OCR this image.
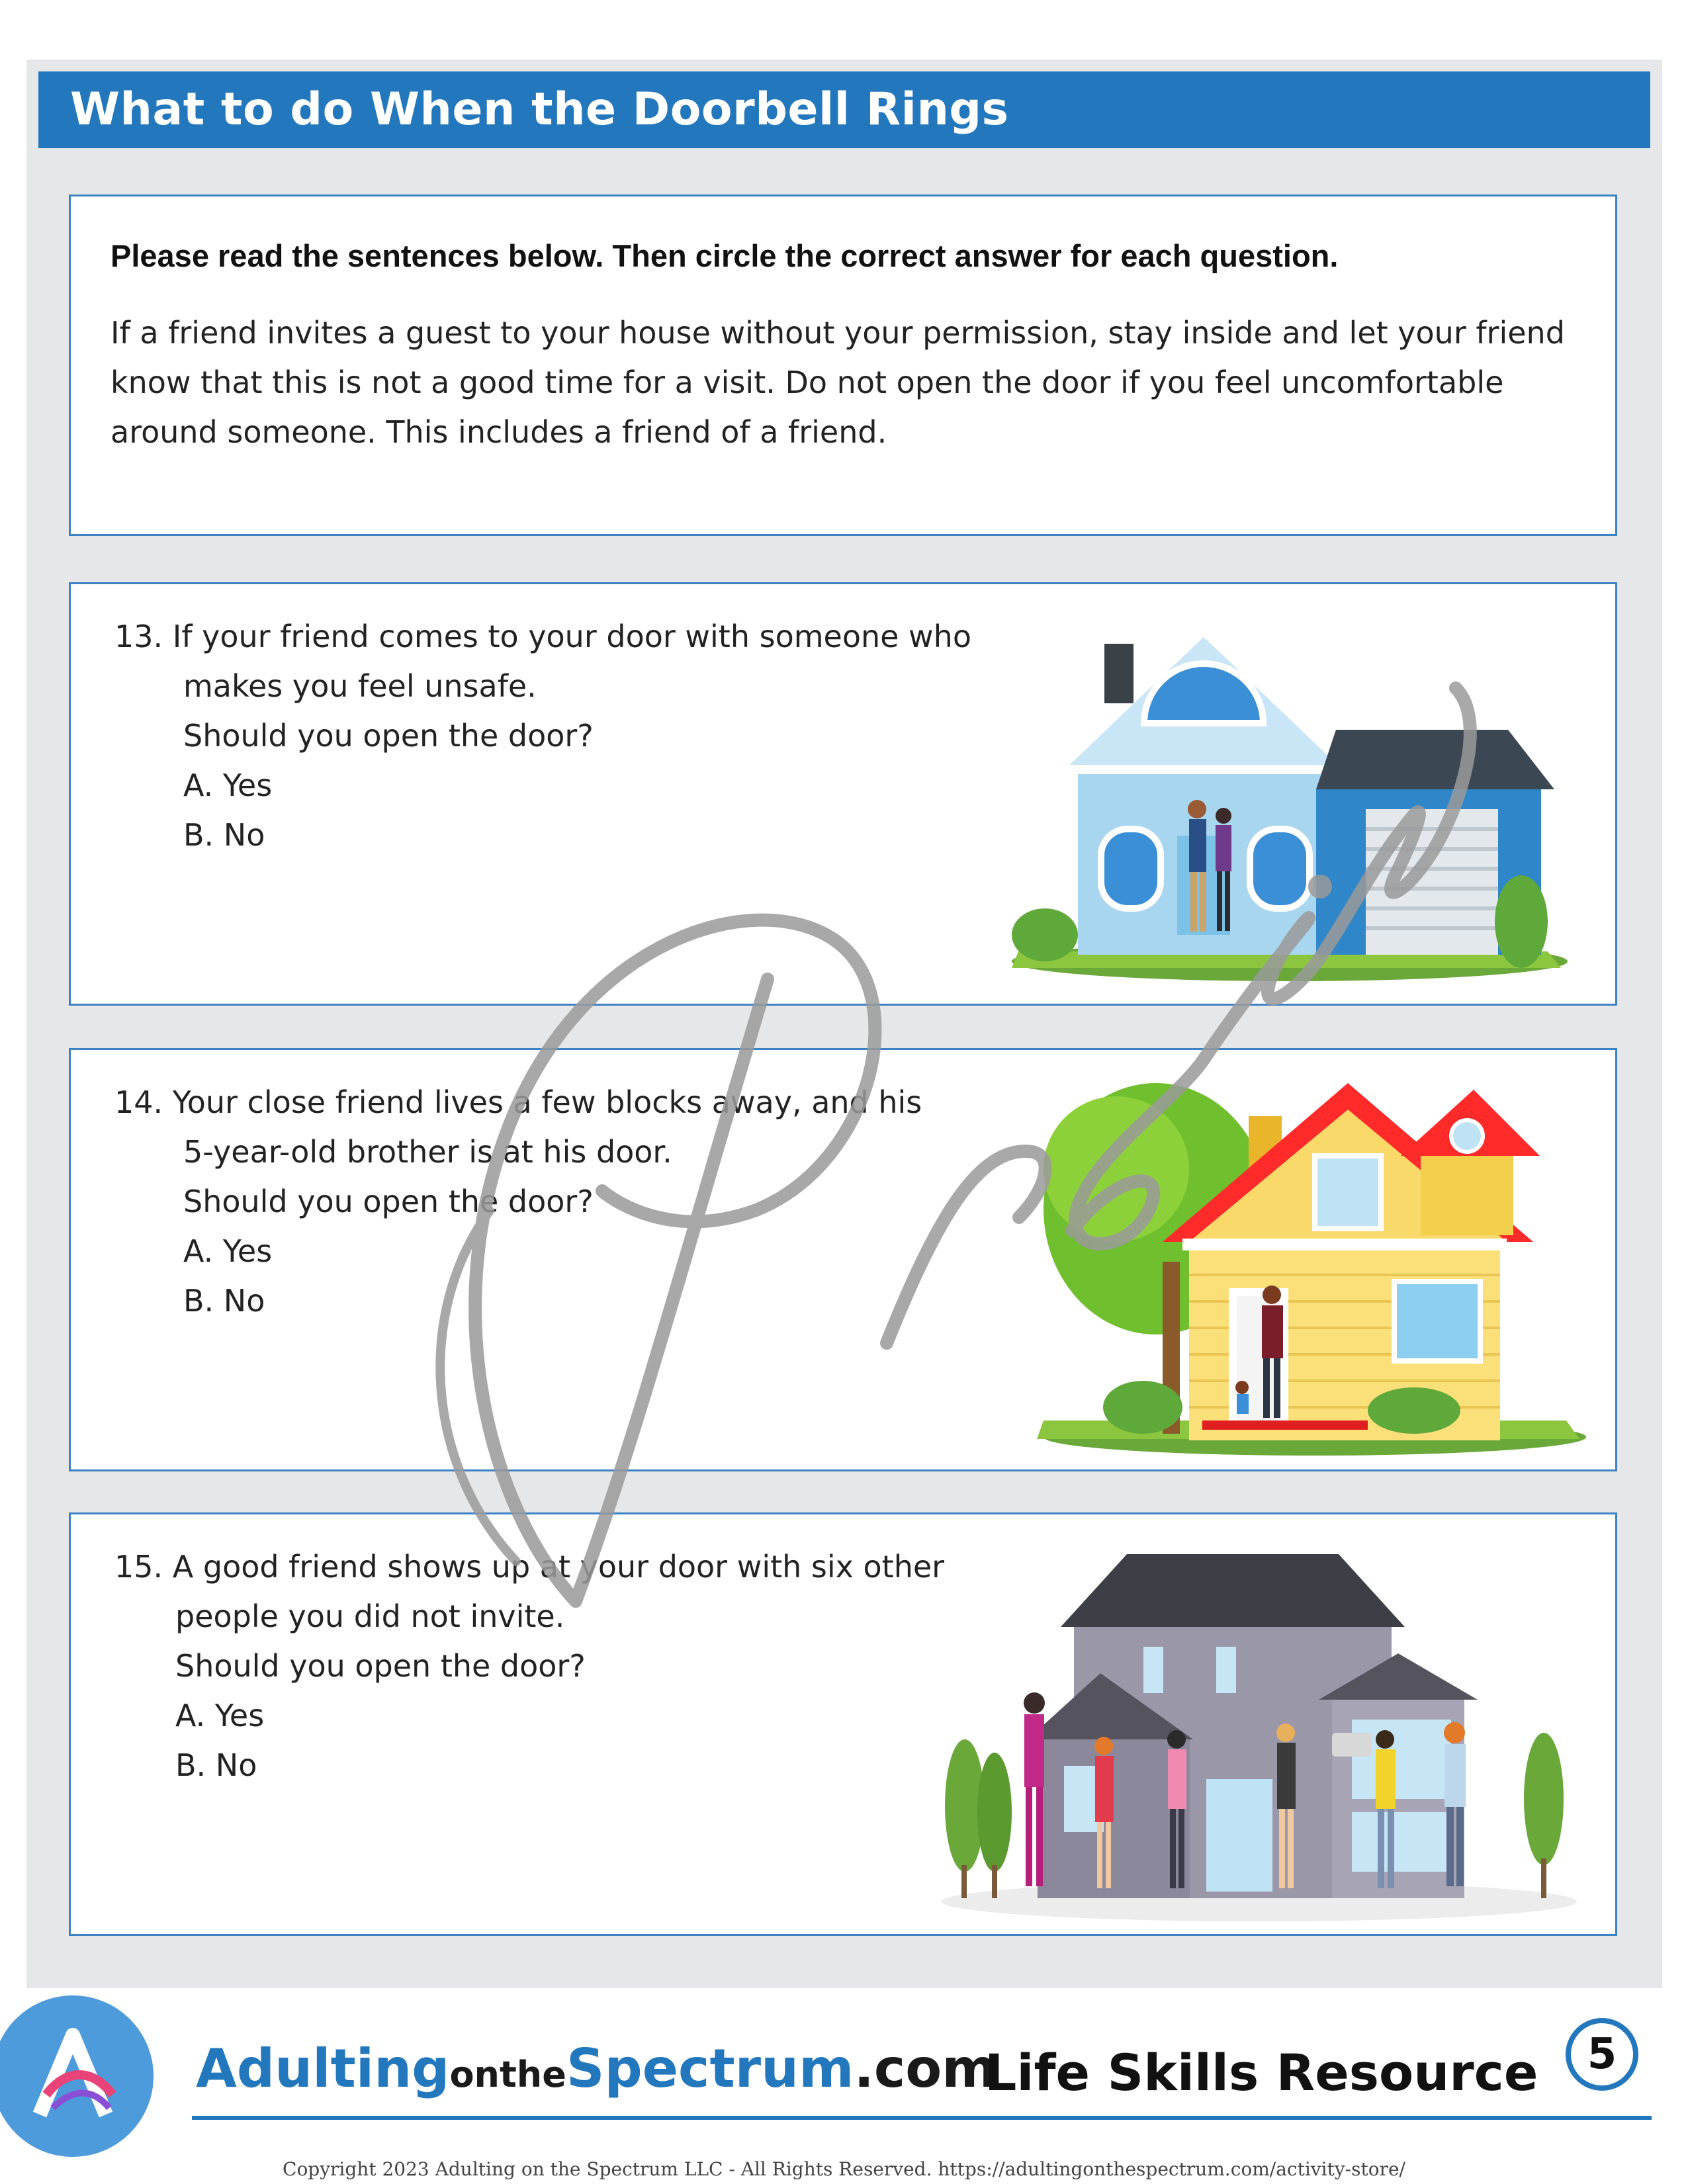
What to do When the Doorbell Rings

Please read the sentences below. Then circle the correct answer for each question.

If a friend invites a guest to your house without your permission, stay inside and let your friend
know that this is not a good time for a visit. Do not open the door if you feel uncomfortable
around someone. This includes a friend of a friend.

13. If your friend comes to your door with someone who
makes you feel unsafe.
Should you open the door?
A. Yes
B. No
14. Your close friend lives a few blocks away, and his
5-year-old brother is at his door.
Should you open the door?
A. Yes
B. No
15. A good friend shows up at your door with six other
people you did not invite.
Should you open the door?
A. Yes
B. No
AdultingontheSpectrum.com
Life Skills Resource	5
Copyright 2023 Adulting on the Spectrum LLC - All Rights Reserved. https://adultingonthespectrum.com/activity-store/
